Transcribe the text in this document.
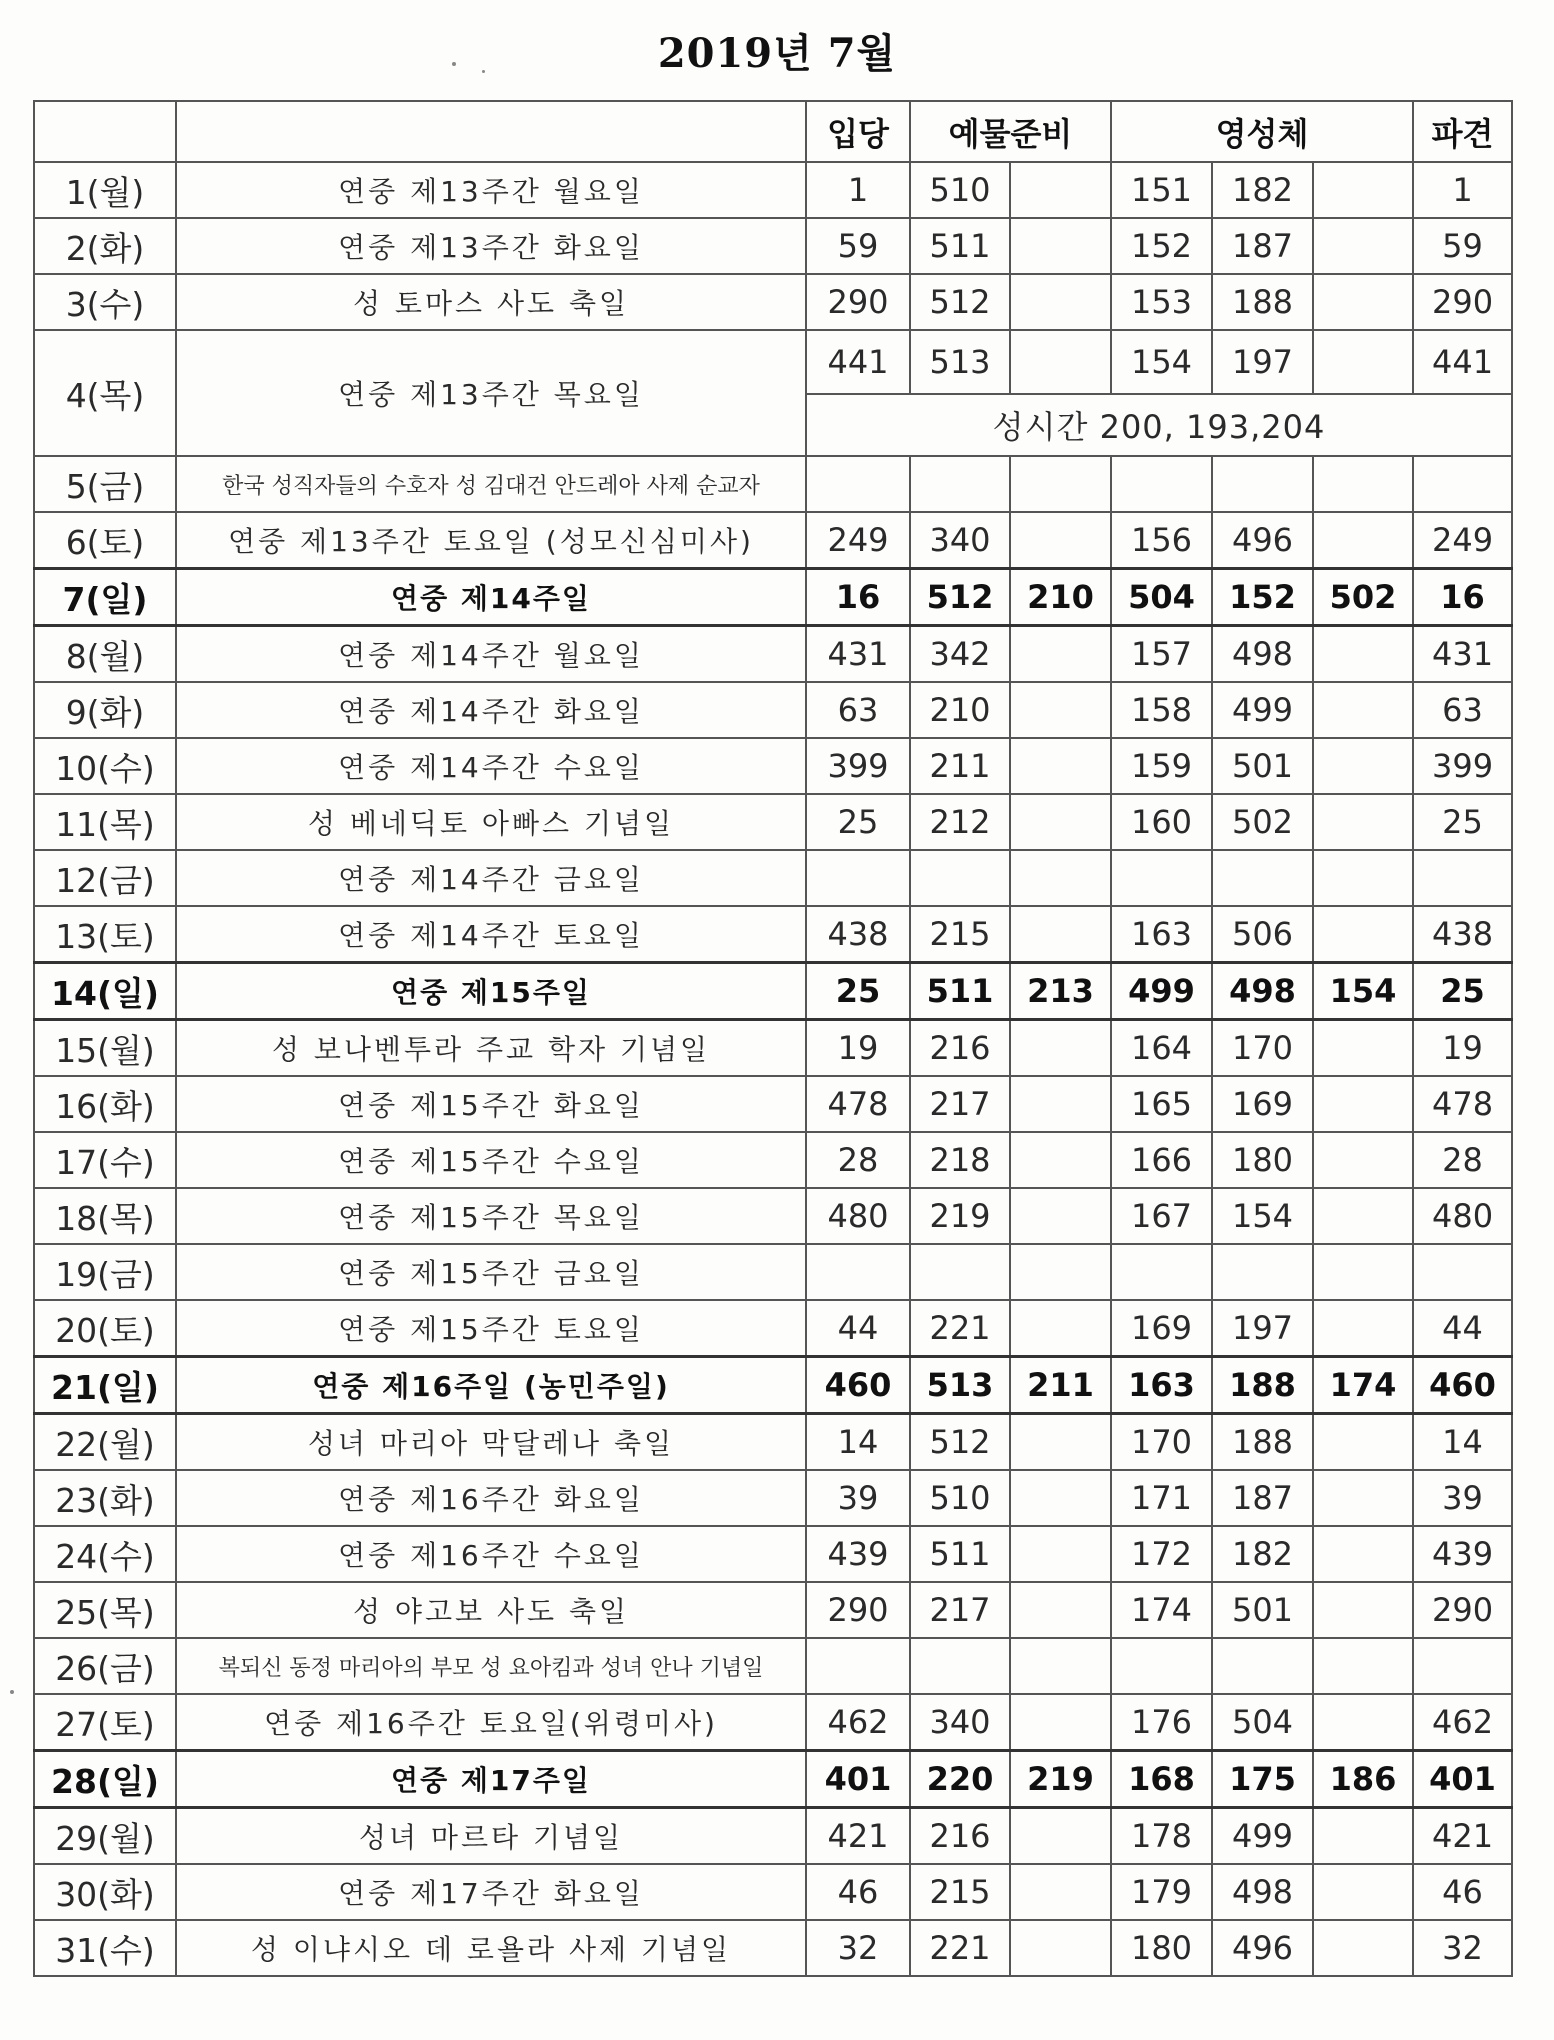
2019년 7월
		입당	예물준비		영성체			파견
1(월)	연중 제13주간 월요일	1	510		151	182		1
2(화)	연중 제13주간 화요일	59	511		152	187		59
3(수)	성 토마스 사도 축일	290	512		153	188		290
4(목)	연중 제13주간 목요일	441	513		154	197		441
		성시간 200, 193,204						
5(금)	한국 성직자들의 수호자 성 김대건 안드레아 사제 순교자							
6(토)	연중 제13주간 토요일 (성모신심미사)	249	340		156	496		249
7(일)	연중 제14주일	16	512	210	504	152	502	16
8(월)	연중 제14주간 월요일	431	342		157	498		431
9(화)	연중 제14주간 화요일	63	210		158	499		63
10(수)	연중 제14주간 수요일	399	211		159	501		399
11(목)	성 베네딕토 아빠스 기념일	25	212		160	502		25
12(금)	연중 제14주간 금요일							
13(토)	연중 제14주간 토요일	438	215		163	506		438
14(일)	연중 제15주일	25	511	213	499	498	154	25
15(월)	성 보나벤투라 주교 학자 기념일	19	216		164	170		19
16(화)	연중 제15주간 화요일	478	217		165	169		478
17(수)	연중 제15주간 수요일	28	218		166	180		28
18(목)	연중 제15주간 목요일	480	219		167	154		480
19(금)	연중 제15주간 금요일							
20(토)	연중 제15주간 토요일	44	221		169	197		44
21(일)	연중 제16주일 (농민주일)	460	513	211	163	188	174	460
22(월)	성녀 마리아 막달레나 축일	14	512		170	188		14
23(화)	연중 제16주간 화요일	39	510		171	187		39
24(수)	연중 제16주간 수요일	439	511		172	182		439
25(목)	성 야고보 사도 축일	290	217		174	501		290
26(금)	복되신 동정 마리아의 부모 성 요아킴과 성녀 안나 기념일							
27(토)	연중 제16주간 토요일(위령미사)	462	340		176	504		462
28(일)	연중 제17주일	401	220	219	168	175	186	401
29(월)	성녀 마르타 기념일	421	216		178	499		421
30(화)	연중 제17주간 화요일	46	215		179	498		46
31(수)	성 이냐시오 데 로욜라 사제 기념일	32	221		180	496		32
